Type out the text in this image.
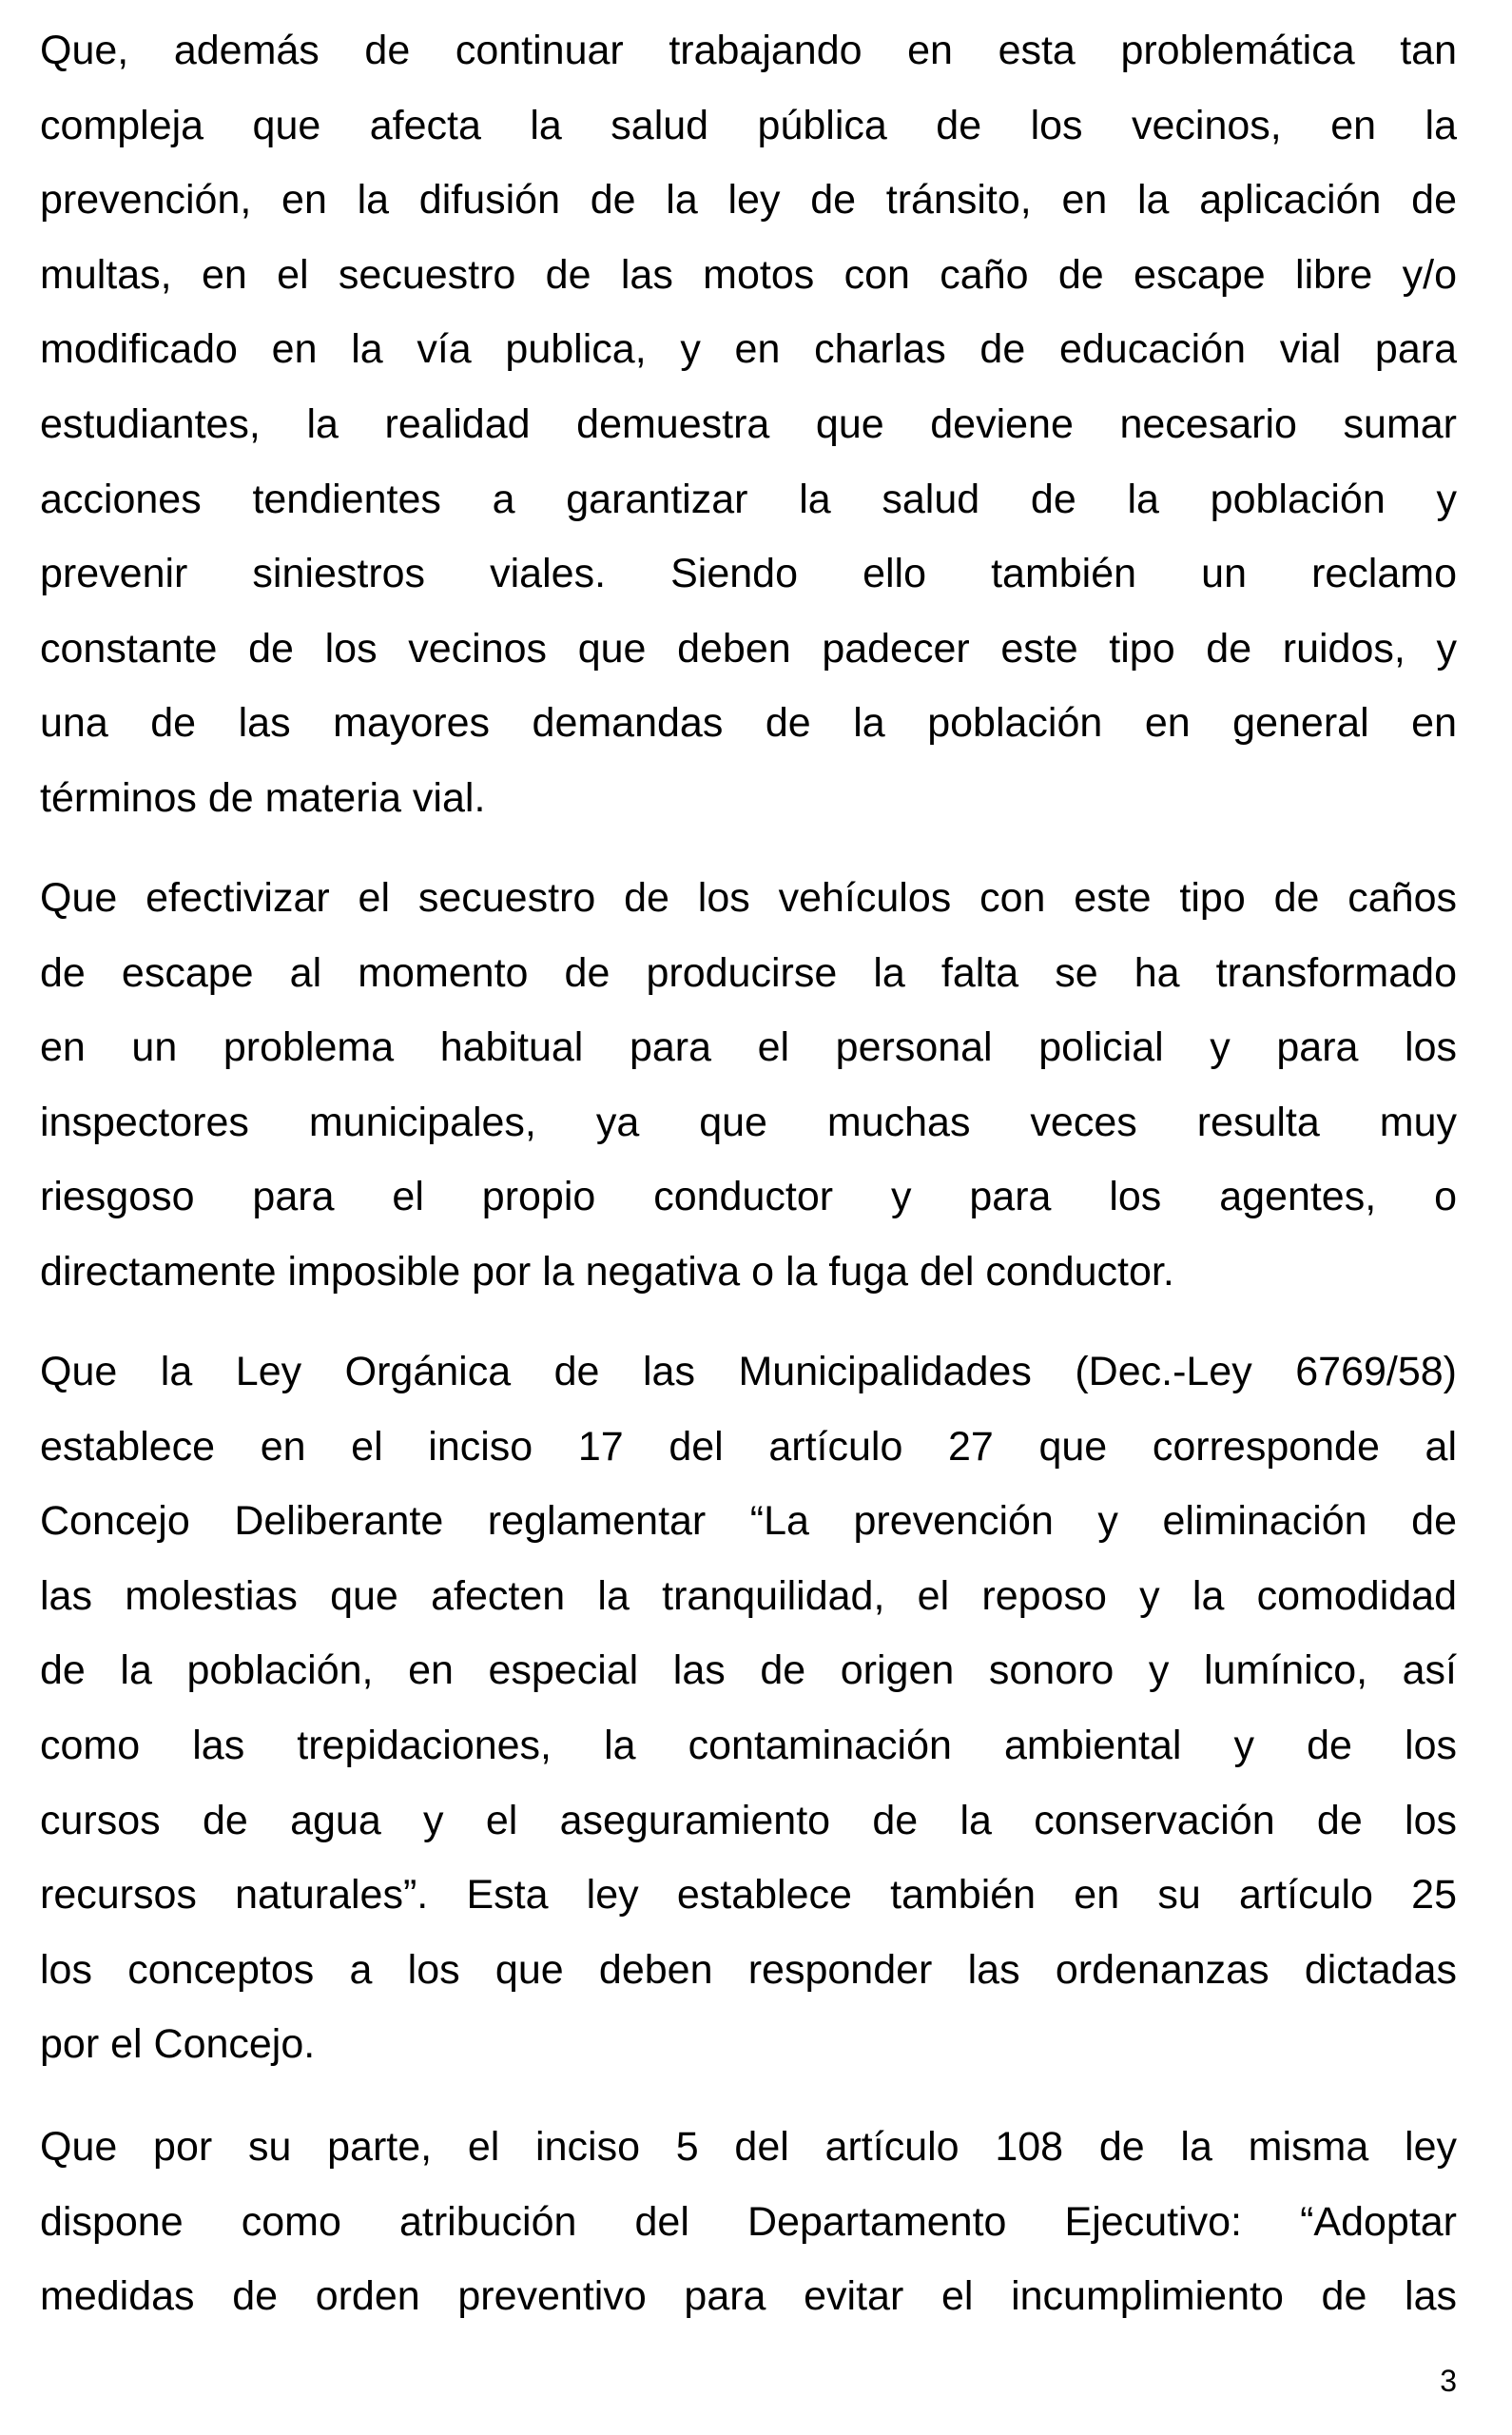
Que, además de continuar trabajando en esta problemática tan
compleja que afecta la salud pública de los vecinos, en la
prevención, en la difusión de la ley de tránsito, en la aplicación de
multas, en el secuestro de las motos con caño de escape libre y/o
modificado en la vía publica, y en charlas de educación vial para
estudiantes, la realidad demuestra que deviene necesario sumar
acciones tendientes a garantizar la salud de la población y
prevenir siniestros viales. Siendo ello también un reclamo
constante de los vecinos que deben padecer este tipo de ruidos, y
una de las mayores demandas de la población en general en
términos de materia vial.
Que efectivizar el secuestro de los vehículos con este tipo de caños
de escape al momento de producirse la falta se ha transformado
en un problema habitual para el personal policial y para los
inspectores municipales, ya que muchas veces resulta muy
riesgoso para el propio conductor y para los agentes, o
directamente imposible por la negativa o la fuga del conductor.
Que la Ley Orgánica de las Municipalidades (Dec.-Ley 6769/58)
establece en el inciso 17 del artículo 27 que corresponde al
Concejo Deliberante reglamentar “La prevención y eliminación de
las molestias que afecten la tranquilidad, el reposo y la comodidad
de la población, en especial las de origen sonoro y lumínico, así
como las trepidaciones, la contaminación ambiental y de los
cursos de agua y el aseguramiento de la conservación de los
recursos naturales”. Esta ley establece también en su artículo 25
los conceptos a los que deben responder las ordenanzas dictadas
por el Concejo.
Que por su parte, el inciso 5 del artículo 108 de la misma ley
dispone como atribución del Departamento Ejecutivo: “Adoptar
medidas de orden preventivo para evitar el incumplimiento de las
3
